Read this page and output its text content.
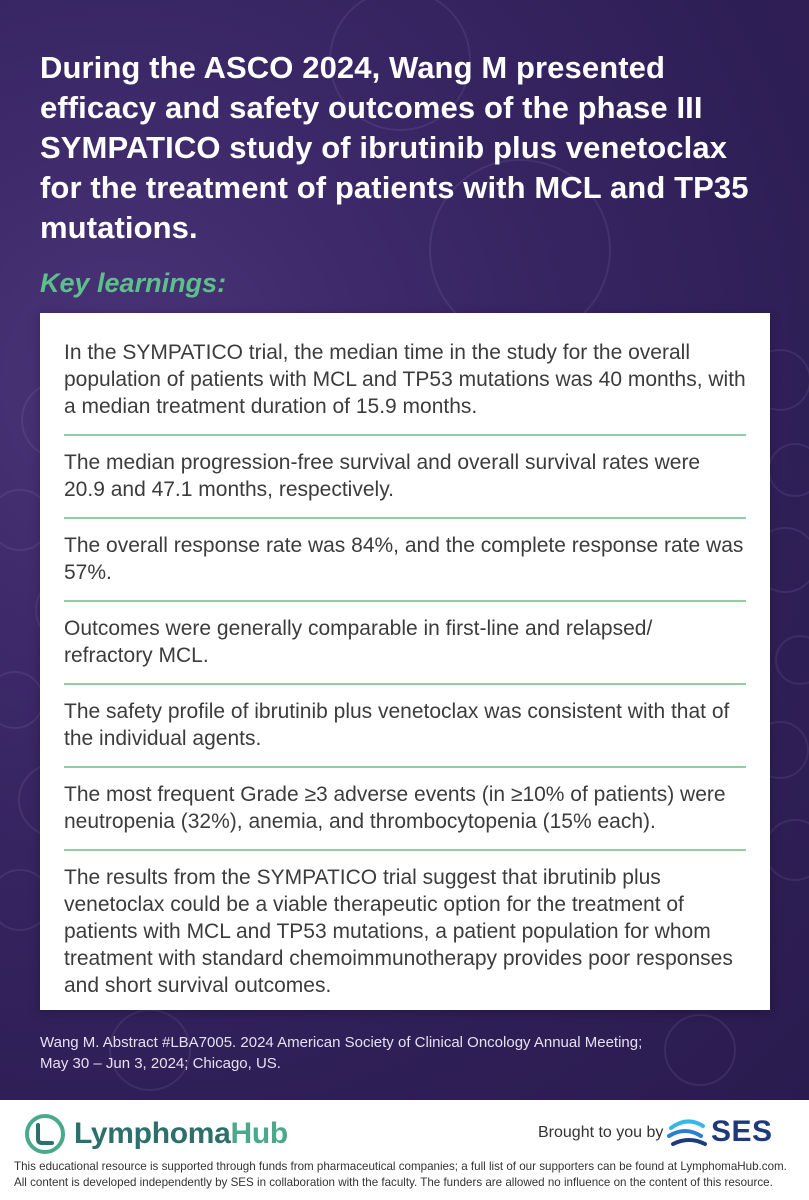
During the ASCO 2024, Wang M presented efficacy and safety outcomes of the phase III SYMPATICO study of ibrutinib plus venetoclax for the treatment of patients with MCL and TP35 mutations.
Key learnings:

In the SYMPATICO trial, the median time in the study for the overall population of patients with MCL and TP53 mutations was 40 months, with a median treatment duration of 15.9 months.

The median progression-free survival and overall survival rates were 20.9 and 47.1 months, respectively.

The overall response rate was 84%, and the complete response rate was 57%.

Outcomes were generally comparable in first-line and relapsed/ refractory MCL.

The safety profile of ibrutinib plus venetoclax was consistent with that of the individual agents.

The most frequent Grade ≥3 adverse events (in ≥10% of patients) were neutropenia (32%), anemia, and thrombocytopenia (15% each).

The results from the SYMPATICO trial suggest that ibrutinib plus venetoclax could be a viable therapeutic option for the treatment of patients with MCL and TP53 mutations, a patient population for whom treatment with standard chemoimmunotherapy provides poor responses and short survival outcomes.

Wang M. Abstract #LBA7005. 2024 American Society of Clinical Oncology Annual Meeting;
May 30 – Jun 3, 2024; Chicago, US.
LymphomaHub	Brought to you by SES
This educational resource is supported through funds from pharmaceutical companies; a full list of our supporters can be found at LymphomaHub.com.
All content is developed independently by SES in collaboration with the faculty. The funders are allowed no influence on the content of this resource.
